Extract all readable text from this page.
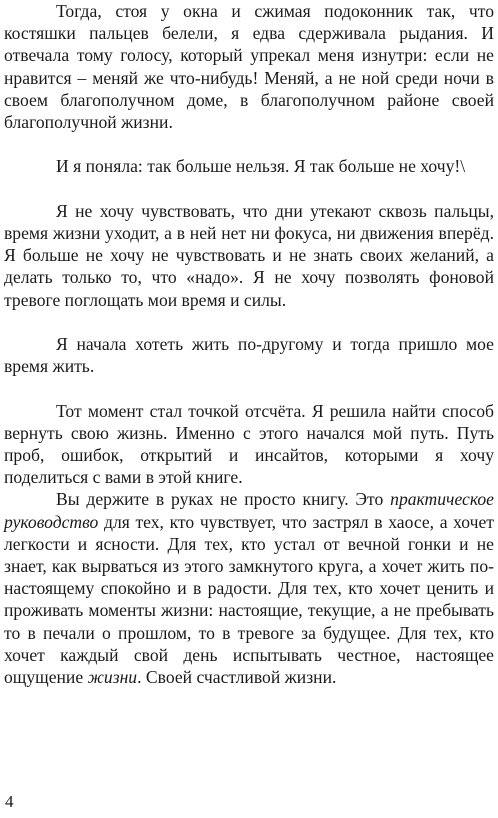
Тогда, стоя у окна и сжимая подоконник так, что костяшки пальцев белели, я едва сдерживала рыдания. И отвечала тому голосу, который упрекал меня изнутри: если не нравится – меняй же что-нибудь! Меняй, а не ной среди ночи в своем благополучном доме, в благополучном районе своей благополучной жизни.

И я поняла: так больше нельзя. Я так больше не хочу!\

Я не хочу чувствовать, что дни утекают сквозь пальцы, время жизни уходит, а в ней нет ни фокуса, ни движения вперёд. Я больше не хочу не чувствовать и не знать своих желаний, а делать только то, что «надо». Я не хочу позволять фоновой тревоге поглощать мои время и силы.

Я начала хотеть жить по-другому и тогда пришло мое время жить.

Тот момент стал точкой отсчёта. Я решила найти способ вернуть свою жизнь. Именно с этого начался мой путь. Путь проб, ошибок, открытий и инсайтов, которыми я хочу поделиться с вами в этой книге.

Вы держите в руках не просто книгу. Это практическое руководство для тех, кто чувствует, что застрял в хаосе, а хочет легкости и ясности. Для тех, кто устал от вечной гонки и не знает, как вырваться из этого замкнутого круга, а хочет жить по-настоящему спокойно и в радости. Для тех, кто хочет ценить и проживать моменты жизни: настоящие, текущие, а не пребывать то в печали о прошлом, то в тревоге за будущее. Для тех, кто хочет каждый свой день испытывать честное, настоящее ощущение жизни. Своей счастливой жизни.

4
